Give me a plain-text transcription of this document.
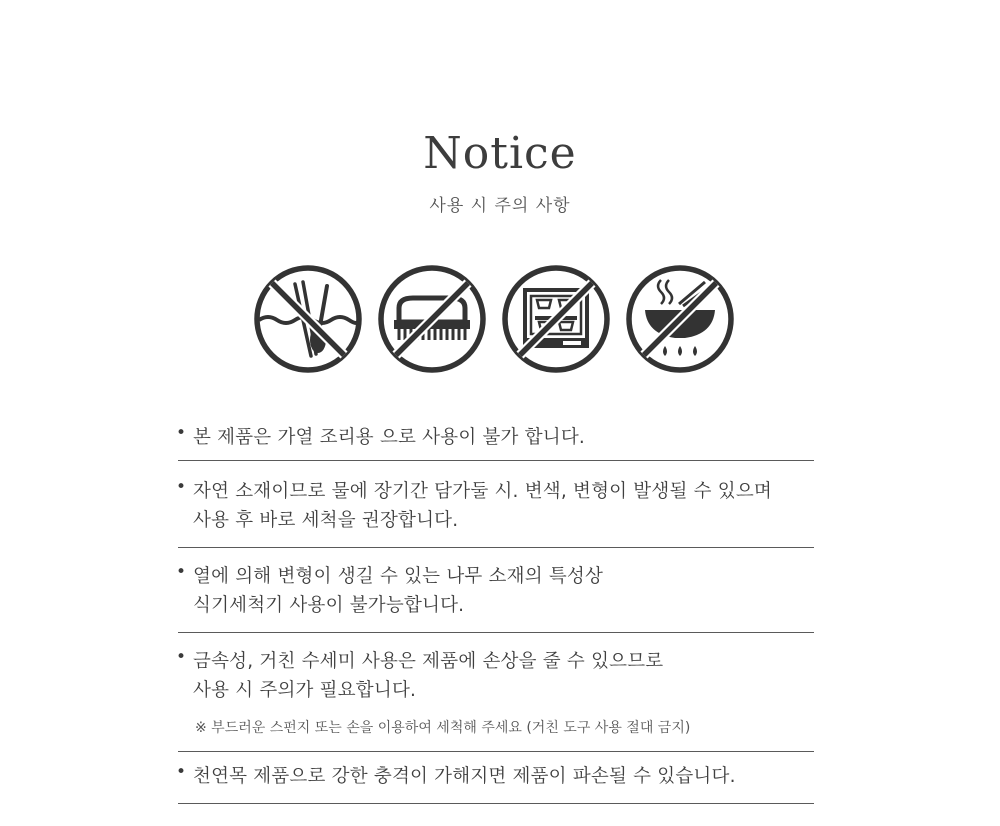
Notice
사용 시 주의 사항
• 본 제품은 가열 조리용 으로 사용이 불가 합니다.
• 자연 소재이므로 물에 장기간 담가둘 시. 변색, 변형이 발생될 수 있으며
사용 후 바로 세척을 권장합니다.
• 열에 의해 변형이 생길 수 있는 나무 소재의 특성상
식기세척기 사용이 불가능합니다.
• 금속성, 거친 수세미 사용은 제품에 손상을 줄 수 있으므로
사용 시 주의가 필요합니다.
※ 부드러운 스펀지 또는 손을 이용하여 세척해 주세요 (거친 도구 사용 절대 금지)
• 천연목 제품으로 강한 충격이 가해지면 제품이 파손될 수 있습니다.
